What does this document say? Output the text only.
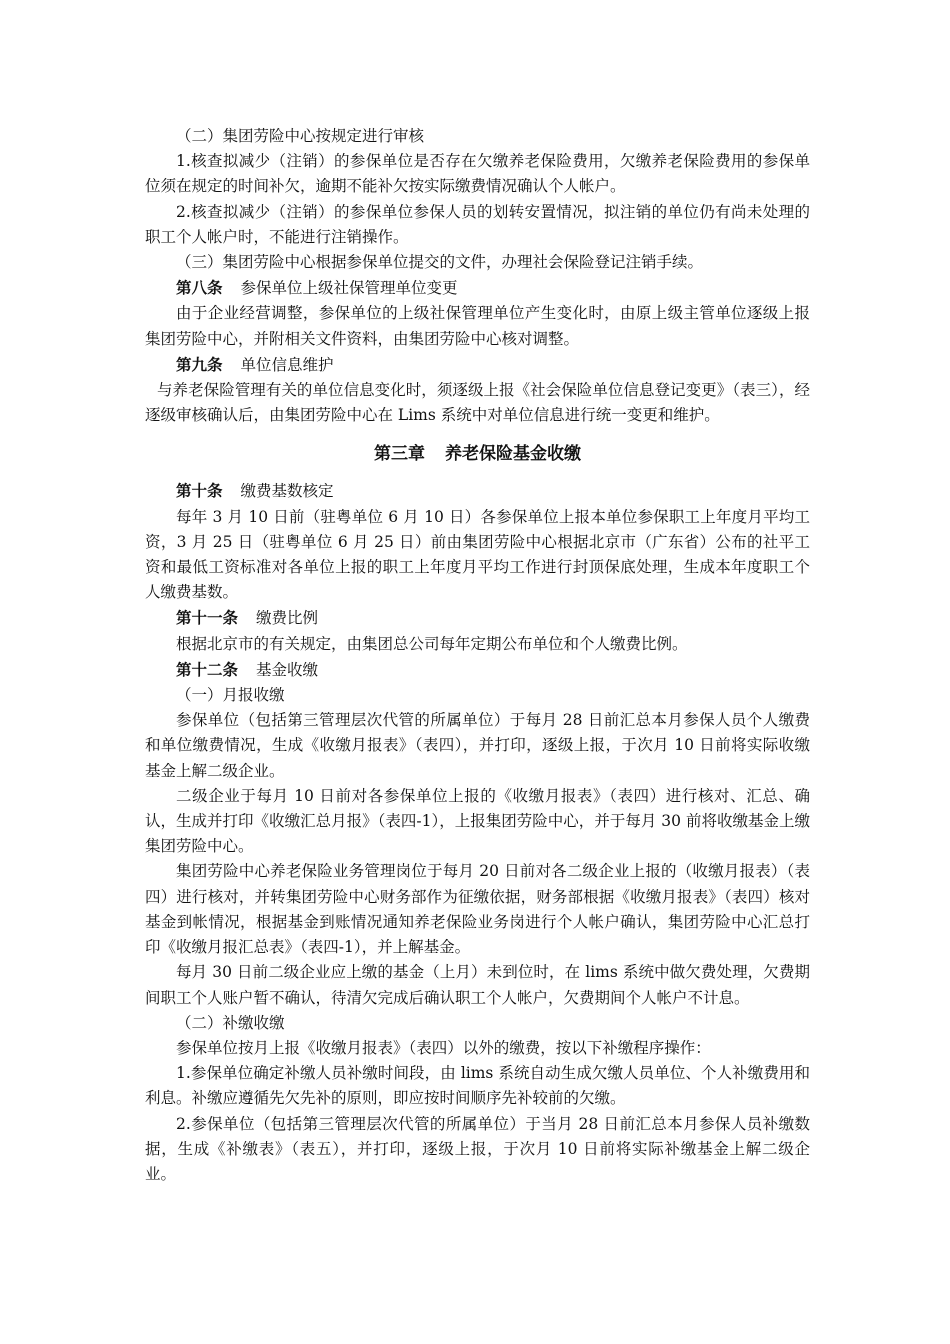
（二）集团劳险中心按规定进行审核

1.核查拟减少（注销）的参保单位是否存在欠缴养老保险费用，欠缴养老保险费用的参保单位须在规定的时间补欠，逾期不能补欠按实际缴费情况确认个人帐户。

2.核查拟减少（注销）的参保单位参保人员的划转安置情况，拟注销的单位仍有尚未处理的职工个人帐户时，不能进行注销操作。

（三）集团劳险中心根据参保单位提交的文件，办理社会保险登记注销手续。

第八条 参保单位上级社保管理单位变更

由于企业经营调整，参保单位的上级社保管理单位产生变化时，由原上级主管单位逐级上报集团劳险中心，并附相关文件资料，由集团劳险中心核对调整。

第九条 单位信息维护

与养老保险管理有关的单位信息变化时，须逐级上报《社会保险单位信息登记变更》（表三），经逐级审核确认后，由集团劳险中心在 Lims 系统中对单位信息进行统一变更和维护。

第三章 养老保险基金收缴

第十条 缴费基数核定

每年 3 月 10 日前（驻粤单位 6 月 10 日）各参保单位上报本单位参保职工上年度月平均工资，3 月 25 日（驻粤单位 6 月 25 日）前由集团劳险中心根据北京市（广东省）公布的社平工资和最低工资标准对各单位上报的职工上年度月平均工作进行封顶保底处理，生成本年度职工个人缴费基数。

第十一条 缴费比例

根据北京市的有关规定，由集团总公司每年定期公布单位和个人缴费比例。

第十二条 基金收缴

（一）月报收缴

参保单位（包括第三管理层次代管的所属单位）于每月 28 日前汇总本月参保人员个人缴费和单位缴费情况，生成《收缴月报表》（表四），并打印，逐级上报，于次月 10 日前将实际收缴基金上解二级企业。

二级企业于每月 10 日前对各参保单位上报的《收缴月报表》（表四）进行核对、汇总、确认，生成并打印《收缴汇总月报》（表四-1），上报集团劳险中心，并于每月 30 前将收缴基金上缴集团劳险中心。

集团劳险中心养老保险业务管理岗位于每月 20 日前对各二级企业上报的（收缴月报表）（表四）进行核对，并转集团劳险中心财务部作为征缴依据，财务部根据《收缴月报表》（表四）核对基金到帐情况，根据基金到账情况通知养老保险业务岗进行个人帐户确认，集团劳险中心汇总打印《收缴月报汇总表》（表四-1），并上解基金。

每月 30 日前二级企业应上缴的基金（上月）未到位时，在 lims 系统中做欠费处理，欠费期间职工个人账户暂不确认，待清欠完成后确认职工个人帐户，欠费期间个人帐户不计息。

（二）补缴收缴

参保单位按月上报《收缴月报表》（表四）以外的缴费，按以下补缴程序操作：

1.参保单位确定补缴人员补缴时间段，由 lims 系统自动生成欠缴人员单位、个人补缴费用和利息。补缴应遵循先欠先补的原则，即应按时间顺序先补较前的欠缴。

2.参保单位（包括第三管理层次代管的所属单位）于当月 28 日前汇总本月参保人员补缴数据，生成《补缴表》（表五），并打印，逐级上报，于次月 10 日前将实际补缴基金上解二级企业。
